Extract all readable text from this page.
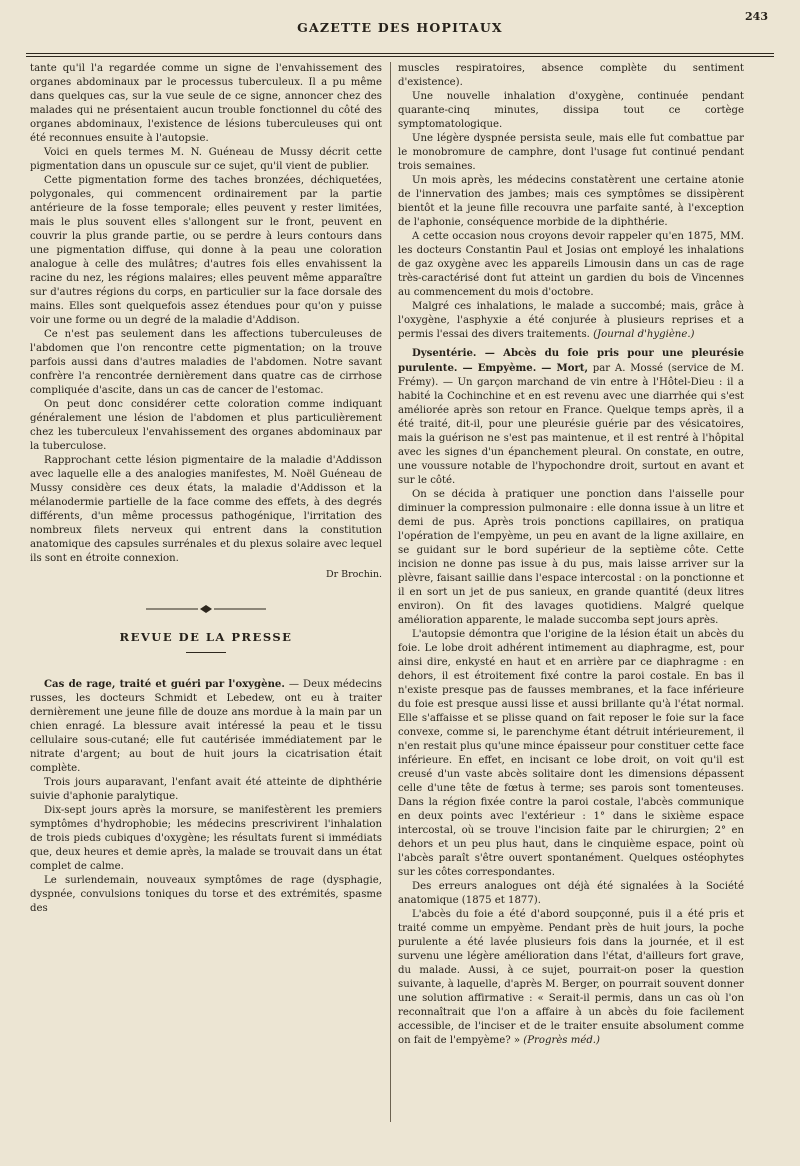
GAZETTE DES HOPITAUX
243

tante qu'il l'a regardée comme un signe de l'envahissement des organes abdominaux par le processus tuberculeux. Il a pu même dans quelques cas, sur la vue seule de ce signe, annoncer chez des malades qui ne présentaient aucun trouble fonctionnel du côté des organes abdominaux, l'existence de lésions tuberculeuses qui ont été reconnues ensuite à l'autopsie.

Voici en quels termes M. N. Guéneau de Mussy décrit cette pigmentation dans un opuscule sur ce sujet, qu'il vient de publier.

Cette pigmentation forme des taches bronzées, déchiquetées, polygonales, qui commencent ordinairement par la partie antérieure de la fosse temporale; elles peuvent y rester limitées, mais le plus souvent elles s'allongent sur le front, peuvent en couvrir la plus grande partie, ou se perdre à leurs contours dans une pigmentation diffuse, qui donne à la peau une coloration analogue à celle des mulâtres; d'autres fois elles envahissent la racine du nez, les régions malaires; elles peuvent même apparaître sur d'autres régions du corps, en particulier sur la face dorsale des mains. Elles sont quelquefois assez étendues pour qu'on y puisse voir une forme ou un degré de la maladie d'Addison.

Ce n'est pas seulement dans les affections tuberculeuses de l'abdomen que l'on rencontre cette pigmentation; on la trouve parfois aussi dans d'autres maladies de l'abdomen. Notre savant confrère l'a rencontrée dernièrement dans quatre cas de cirrhose compliquée d'ascite, dans un cas de cancer de l'estomac.

On peut donc considérer cette coloration comme indiquant généralement une lésion de l'abdomen et plus particulièrement chez les tuberculeux l'envahissement des organes abdominaux par la tuberculose.

Rapprochant cette lésion pigmentaire de la maladie d'Addisson avec laquelle elle a des analogies manifestes, M. Noël Guéneau de Mussy considère ces deux états, la maladie d'Addisson et la mélanodermie partielle de la face comme des effets, à des degrés différents, d'un même processus pathogénique, l'irritation des nombreux filets nerveux qui entrent dans la constitution anatomique des capsules surrénales et du plexus solaire avec lequel ils sont en étroite connexion.

Dr Brochin.
REVUE DE LA PRESSE

Cas de rage, traité et guéri par l'oxygène. — Deux médecins russes, les docteurs Schmidt et Lebedew, ont eu à traiter dernièrement une jeune fille de douze ans mordue à la main par un chien enragé. La blessure avait intéressé la peau et le tissu cellulaire sous-cutané; elle fut cautérisée immédiatement par le nitrate d'argent; au bout de huit jours la cicatrisation était complète.

Trois jours auparavant, l'enfant avait été atteinte de diphthérie suivie d'aphonie paralytique.

Dix-sept jours après la morsure, se manifestèrent les premiers symptômes d'hydrophobie; les médecins prescrivirent l'inhalation de trois pieds cubiques d'oxygène; les résultats furent si immédiats que, deux heures et demie après, la malade se trouvait dans un état complet de calme.

Le surlendemain, nouveaux symptômes de rage (dysphagie, dyspnée, convulsions toniques du torse et des extrémités, spasme des

muscles respiratoires, absence complète du sentiment d'existence).

Une nouvelle inhalation d'oxygène, continuée pendant quarante-cinq minutes, dissipa tout ce cortège symptomatologique.

Une légère dyspnée persista seule, mais elle fut combattue par le monobromure de camphre, dont l'usage fut continué pendant trois semaines.

Un mois après, les médecins constatèrent une certaine atonie de l'innervation des jambes; mais ces symptômes se dissipèrent bientôt et la jeune fille recouvra une parfaite santé, à l'exception de l'aphonie, conséquence morbide de la diphthérie.

A cette occasion nous croyons devoir rappeler qu'en 1875, MM. les docteurs Constantin Paul et Josias ont employé les inhalations de gaz oxygène avec les appareils Limousin dans un cas de rage très-caractérisé dont fut atteint un gardien du bois de Vincennes au commencement du mois d'octobre.

Malgré ces inhalations, le malade a succombé; mais, grâce à l'oxygène, l'asphyxie a été conjurée à plusieurs reprises et a permis l'essai des divers traitements. (Journal d'hygiène.)

Dysentérie. — Abcès du foie pris pour une pleurésie purulente. — Empyème. — Mort, par A. Mossé (service de M. Frémy). — Un garçon marchand de vin entre à l'Hôtel-Dieu : il a habité la Cochinchine et en est revenu avec une diarrhée qui s'est améliorée après son retour en France. Quelque temps après, il a été traité, dit-il, pour une pleurésie guérie par des vésicatoires, mais la guérison ne s'est pas maintenue, et il est rentré à l'hôpital avec les signes d'un épanchement pleural. On constate, en outre, une voussure notable de l'hypochondre droit, surtout en avant et sur le côté.

On se décida à pratiquer une ponction dans l'aisselle pour diminuer la compression pulmonaire : elle donna issue à un litre et demi de pus. Après trois ponctions capillaires, on pratiqua l'opération de l'empyème, un peu en avant de la ligne axillaire, en se guidant sur le bord supérieur de la septième côte. Cette incision ne donne pas issue à du pus, mais laisse arriver sur la plèvre, faisant saillie dans l'espace intercostal : on la ponctionne et il en sort un jet de pus sanieux, en grande quantité (deux litres environ). On fit des lavages quotidiens. Malgré quelque amélioration apparente, le malade succomba sept jours après.

L'autopsie démontra que l'origine de la lésion était un abcès du foie. Le lobe droit adhérent intimement au diaphragme, est, pour ainsi dire, enkysté en haut et en arrière par ce diaphragme : en dehors, il est étroitement fixé contre la paroi costale. En bas il n'existe presque pas de fausses membranes, et la face inférieure du foie est presque aussi lisse et aussi brillante qu'à l'état normal. Elle s'affaisse et se plisse quand on fait reposer le foie sur la face convexe, comme si, le parenchyme étant détruit intérieurement, il n'en restait plus qu'une mince épaisseur pour constituer cette face inférieure. En effet, en incisant ce lobe droit, on voit qu'il est creusé d'un vaste abcès solitaire dont les dimensions dépassent celle d'une tête de fœtus à terme; ses parois sont tomenteuses. Dans la région fixée contre la paroi costale, l'abcès communique en deux points avec l'extérieur : 1° dans le sixième espace intercostal, où se trouve l'incision faite par le chirurgien; 2° en dehors et un peu plus haut, dans le cinquième espace, point où l'abcès paraît s'être ouvert spontanément. Quelques ostéophytes sur les côtes correspondantes.

Des erreurs analogues ont déjà été signalées à la Société anatomique (1875 et 1877).

L'abcès du foie a été d'abord soupçonné, puis il a été pris et traité comme un empyème. Pendant près de huit jours, la poche purulente a été lavée plusieurs fois dans la journée, et il est survenu une légère amélioration dans l'état, d'ailleurs fort grave, du malade. Aussi, à ce sujet, pourrait-on poser la question suivante, à laquelle, d'après M. Berger, on pourrait souvent donner une solution affirmative : « Serait-il permis, dans un cas où l'on reconnaîtrait que l'on a affaire à un abcès du foie facilement accessible, de l'inciser et de le traiter ensuite absolument comme on fait de l'empyème? » (Progrès méd.)
